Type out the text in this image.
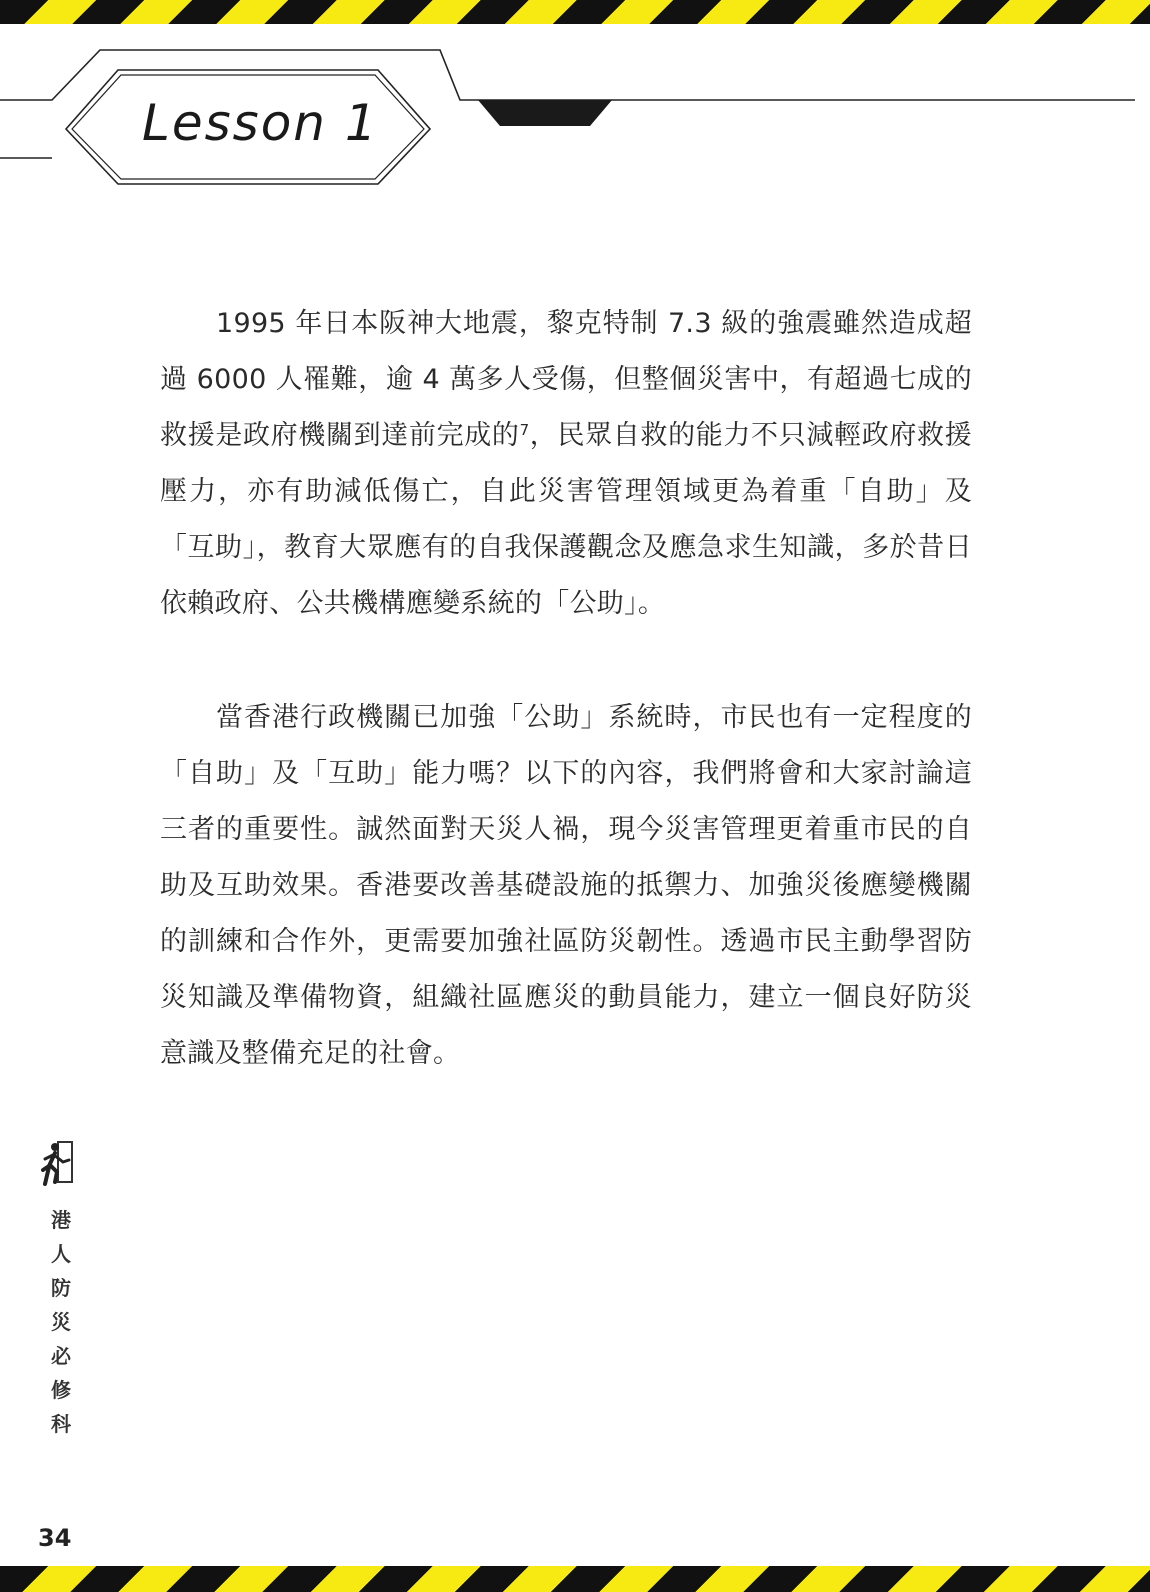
Lesson 1

1995 年日本阪神大地震，黎克特制 7.3 級的強震雖然造成超過 6000 人罹難，逾 4 萬多人受傷，但整個災害中，有超過七成的救援是政府機關到達前完成的$^7$，民眾自救的能力不只減輕政府救援壓力，亦有助減低傷亡，自此災害管理領域更為着重「自助」及「互助」，教育大眾應有的自我保護觀念及應急求生知識，多於昔日依賴政府、公共機構應變系統的「公助」。

當香港行政機關已加強「公助」系統時，市民也有一定程度的「自助」及「互助」能力嗎？以下的內容，我們將會和大家討論這三者的重要性。誠然面對天災人禍，現今災害管理更着重市民的自助及互助效果。香港要改善基礎設施的抵禦力、加強災後應變機關的訓練和合作外，更需要加強社區防災韌性。透過市民主動學習防災知識及準備物資，組織社區應災的動員能力，建立一個良好防災意識及整備充足的社會。

港
人
防
災
必
修
科
34
